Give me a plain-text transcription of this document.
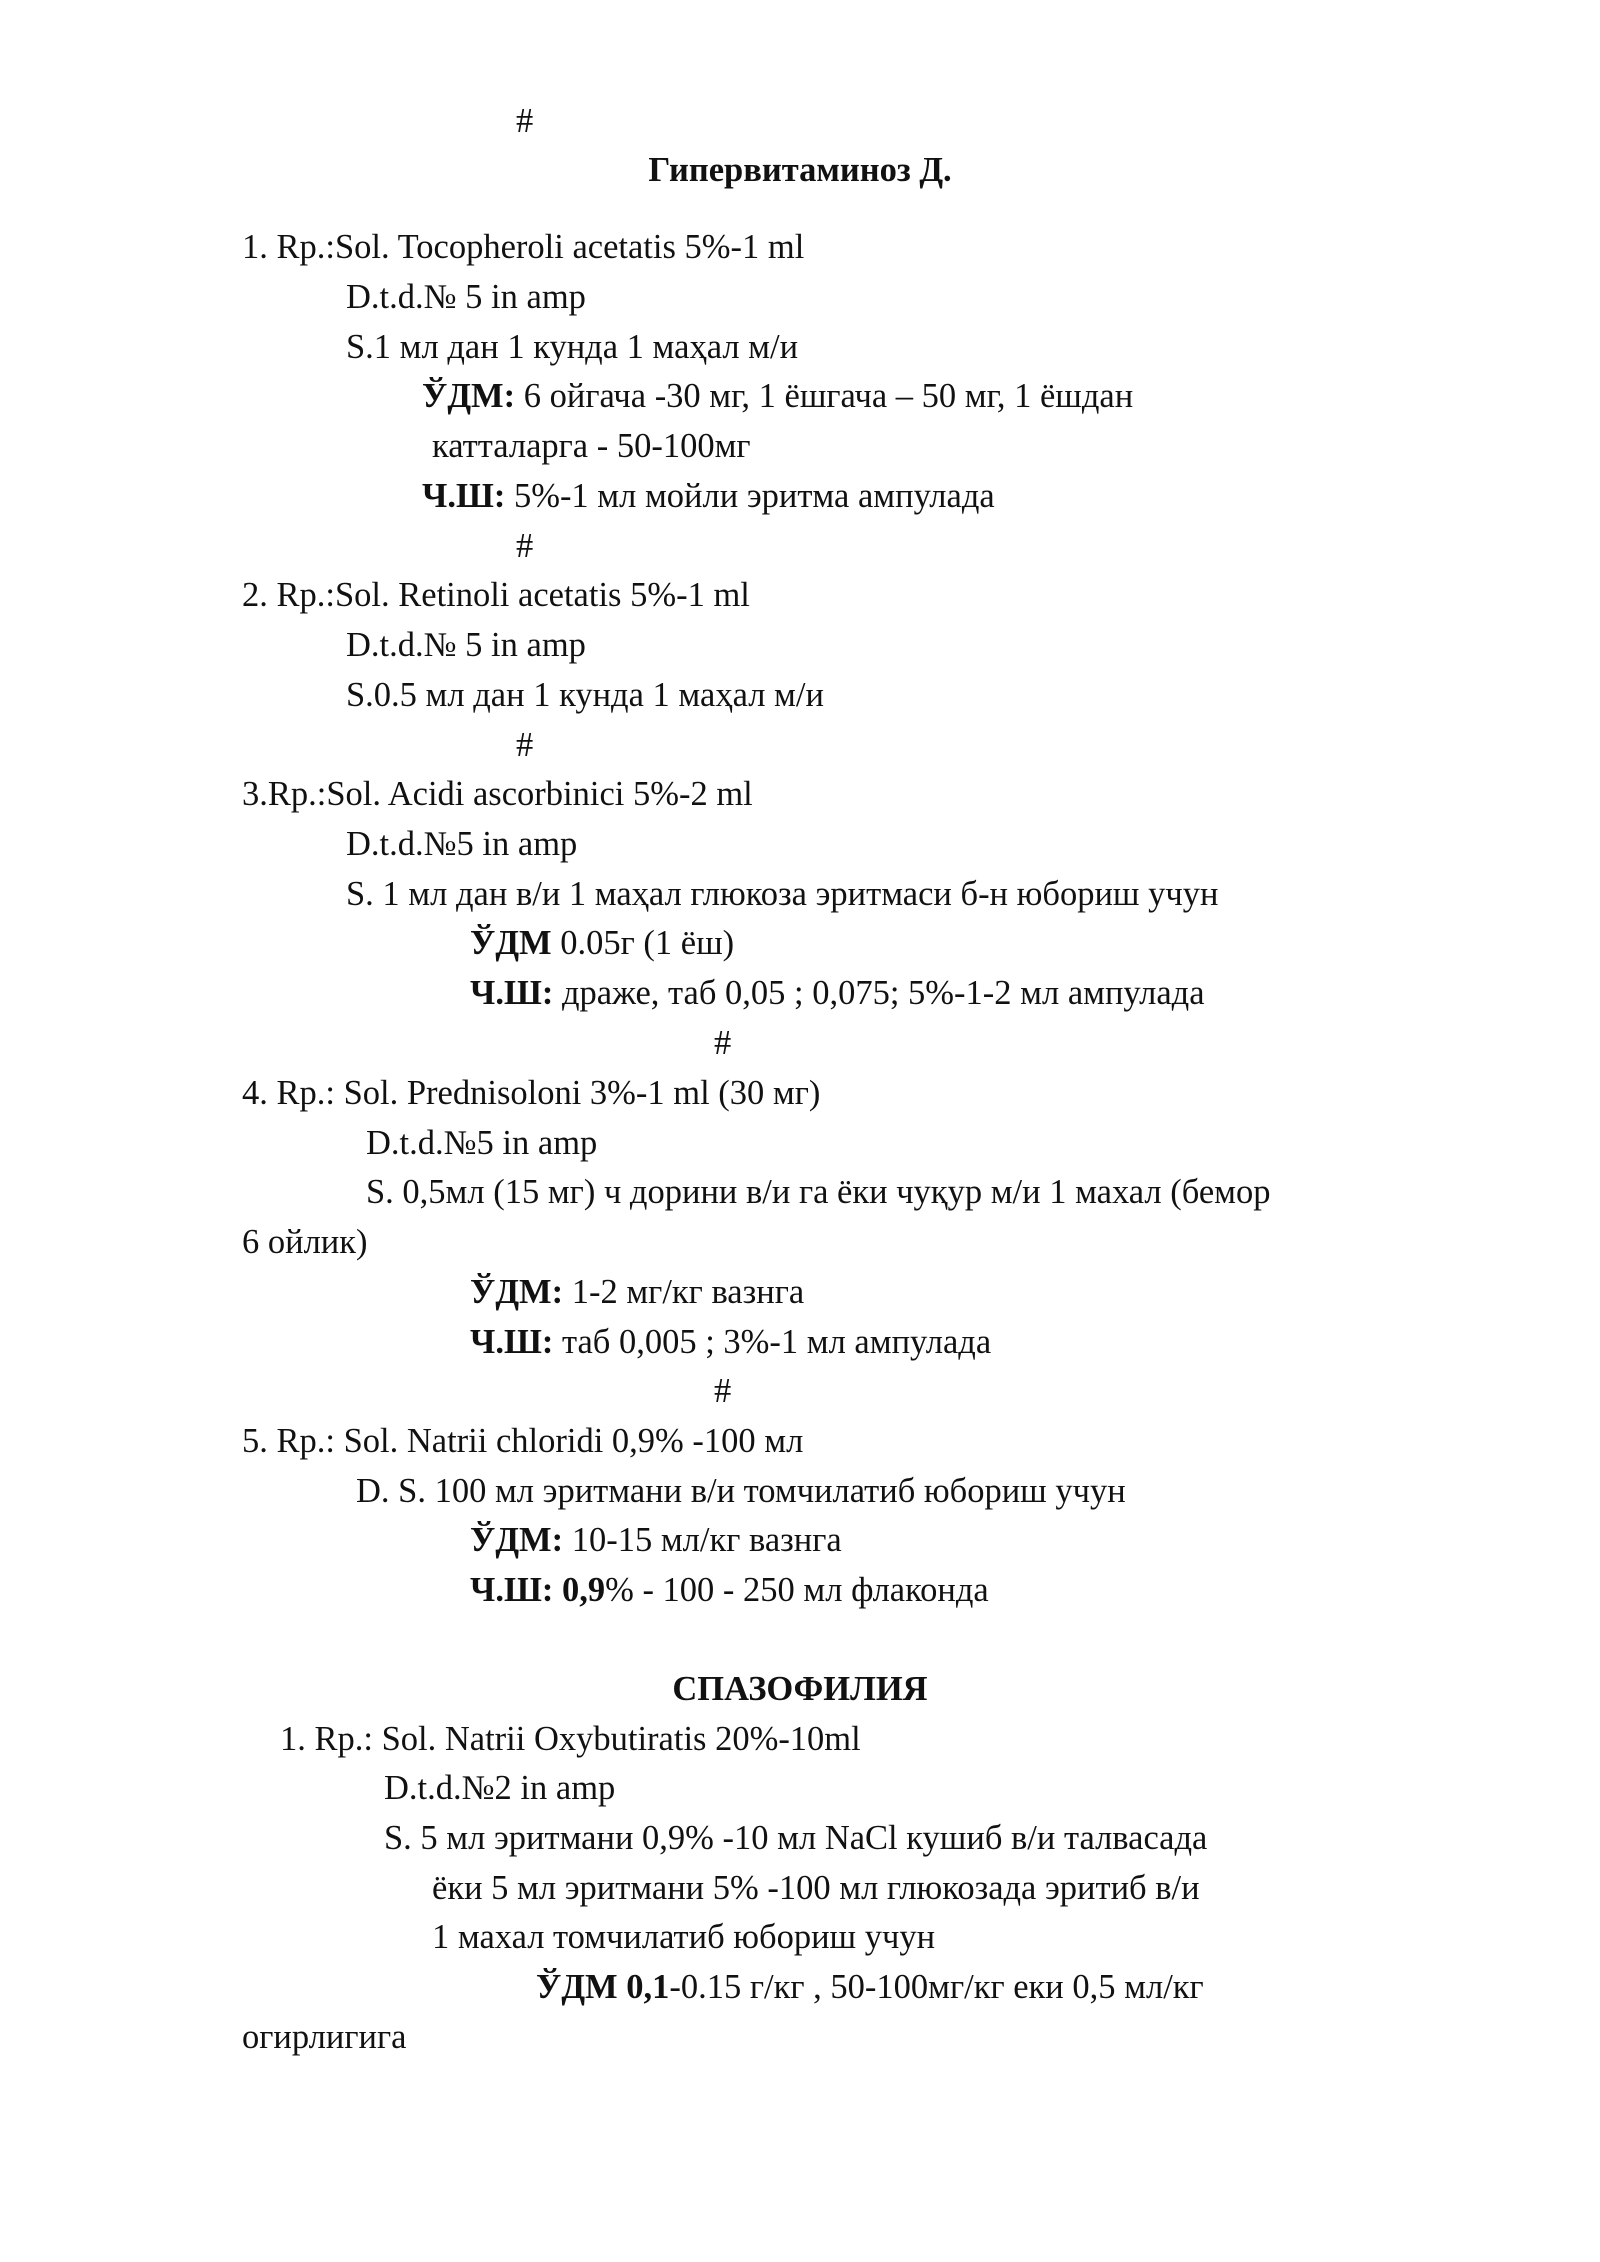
#
Гипервитаминоз Д.
1. Rp.:Sol. Tocopheroli acetatis 5%-1 ml
D.t.d.№ 5 in amp
S.1 мл дан 1 кунда 1 маҳал м/и
ЎДМ: 6 ойгача -30 мг, 1 ёшгача – 50 мг, 1 ёшдан
катталарга - 50-100мг
Ч.Ш: 5%-1 мл мойли эритма ампулада
#
2. Rp.:Sol. Retinoli acetatis 5%-1 ml
D.t.d.№ 5 in amp
S.0.5 мл дан 1 кунда 1 маҳал м/и
#
3.Rp.:Sol. Acidi ascorbinici 5%-2 ml
D.t.d.№5 in amp
S. 1 мл дан в/и 1 маҳал глюкоза эритмаси б-н юбориш учун
ЎДМ 0.05г (1 ёш)
Ч.Ш: драже, таб 0,05 ; 0,075; 5%-1-2 мл ампулада
#
4. Rp.: Sol. Prednisoloni 3%-1 ml (30 мг)
D.t.d.№5 in amp
S. 0,5мл (15 мг) ч дорини в/и га ёки чуқур м/и 1 махал (бемор
6 ойлик)
ЎДМ: 1-2 мг/кг вазнга
Ч.Ш: таб 0,005 ; 3%-1 мл ампулада
#
5. Rp.: Sol. Natrii chloridi 0,9% -100 мл
D. S. 100 мл эритмани в/и томчилатиб юбориш учун
ЎДМ: 10-15 мл/кг вазнга
Ч.Ш: 0,9% - 100 - 250 мл флаконда
СПАЗОФИЛИЯ
1. Rp.: Sol. Natrii Oxybutiratis 20%-10ml
D.t.d.№2 in amp
S. 5 мл эритмани 0,9% -10 мл NaCl кушиб в/и талвасада
ёки 5 мл эритмани 5% -100 мл глюкозада эритиб в/и
1 махал томчилатиб юбориш учун
ЎДМ 0,1-0.15 г/кг , 50-100мг/кг еки 0,5 мл/кг
огирлигига
